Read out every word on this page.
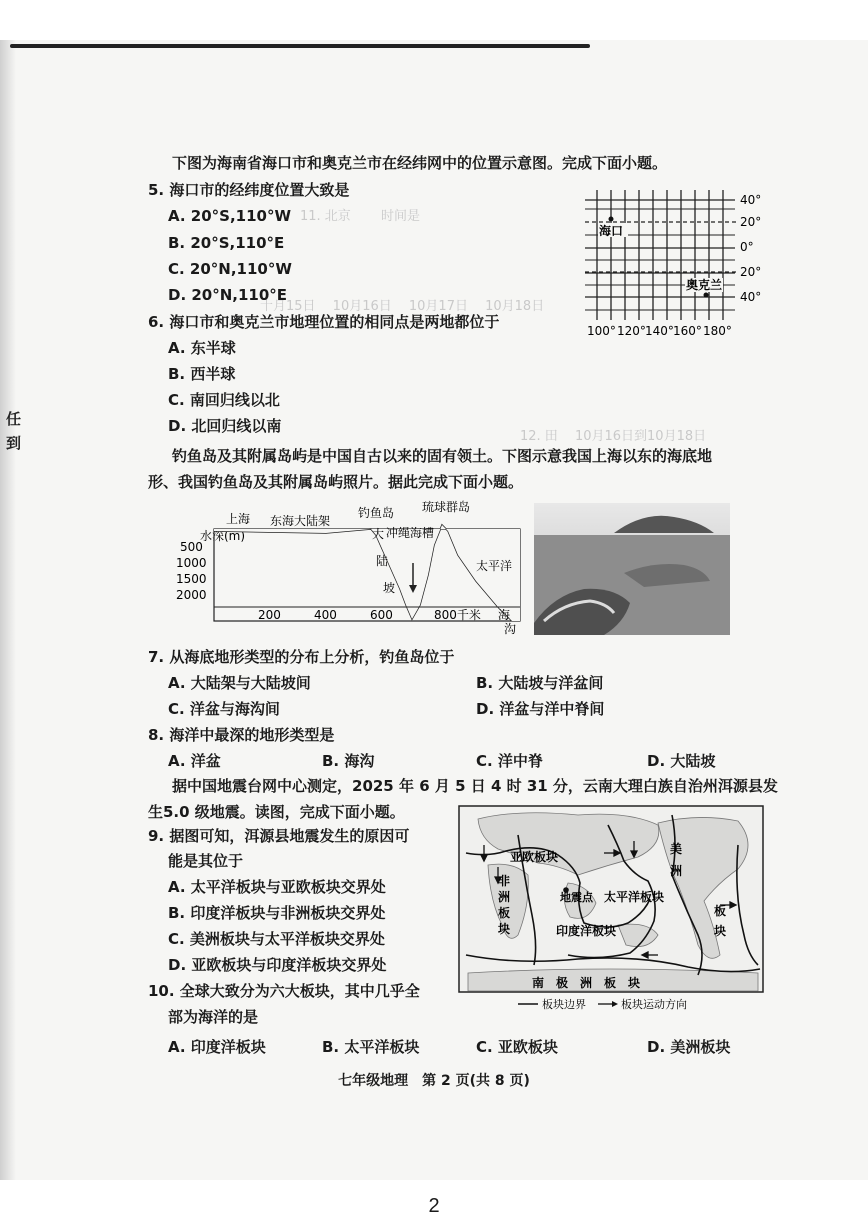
11. 北京 　　时间是
十月15日 　10月16日 　10月17日 　10月18日
12. 田 　10月16日到10月18日
任
到
下图为海南省海口市和奥克兰市在经纬网中的位置示意图。完成下面小题。
5. 海口市的经纬度位置大致是
A. 20°S,110°W
B. 20°S,110°E
C. 20°N,110°W
D. 20°N,110°E
6. 海口市和奥克兰市地理位置的相同点是两地都位于
A. 东半球
B. 西半球
C. 南回归线以北
D. 北回归线以南
40°
20°
0°
20°
40°
100° 120° 140° 160° 180°
海口
奥克兰
钓鱼岛及其附属岛屿是中国自古以来的固有领土。下图示意我国上海以东的海底地
形、我国钓鱼岛及其附属岛屿照片。据此完成下面小题。
上海
水深(m)
东海大陆架
钓鱼岛 琉球群岛
大 冲绳海槽
陆
坡
太平洋
500
1000
1500
2000
200	400	600	800千米 海
沟
7. 从海底地形类型的分布上分析，钓鱼岛位于
A. 大陆架与大陆坡间	B. 大陆坡与洋盆间
C. 洋盆与海沟间	D. 洋盆与洋中脊间
8. 海洋中最深的地形类型是
A. 洋盆	B. 海沟	C. 洋中脊	D. 大陆坡
据中国地震台网中心测定，2025 年 6 月 5 日 4 时 31 分，云南大理白族自治州洱源县发
生5.0 级地震。读图，完成下面小题。
9. 据图可知，洱源县地震发生的原因可
能是其位于
A. 太平洋板块与亚欧板块交界处
B. 印度洋板块与非洲板块交界处
C. 美洲板块与太平洋板块交界处
D. 亚欧板块与印度洋板块交界处
10. 全球大致分为六大板块，其中几乎全
部为海洋的是
A. 印度洋板块	B. 太平洋板块	C. 亚欧板块	D. 美洲板块
亚欧板块
非
洲
板
块
地震点 太平洋板块
印度洋板块
美
洲
板
块
南　极　洲　板　块
板块边界	板块运动方向
七年级地理　第 2 页(共 8 页)
2
